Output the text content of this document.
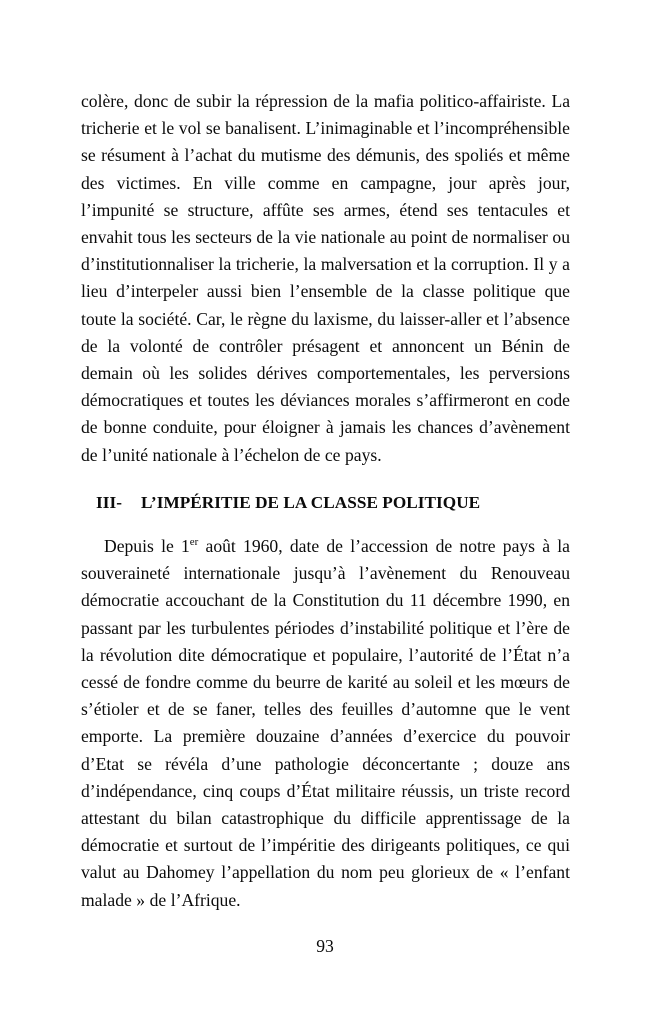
colère, donc de subir la répression de la mafia politico-affairiste. La tricherie et le vol se banalisent. L’inimaginable et l’incompréhensible se résument à l’achat du mutisme des démunis, des spoliés et même des victimes. En ville comme en campagne, jour après jour, l’impunité se structure, affûte ses armes, étend ses tentacules et envahit tous les secteurs de la vie nationale au point de normaliser ou d’institutionnaliser la tricherie, la malversation et la corruption. Il y a lieu d’interpeler aussi bien l’ensemble de la classe politique que toute la société. Car, le règne du laxisme, du laisser-aller et l’absence de la volonté de contrôler présagent et annoncent un Bénin de demain où les solides dérives comportementales, les perversions démocratiques et toutes les déviances morales s’affirmeront en code de bonne conduite, pour éloigner à jamais les chances d’avènement de l’unité nationale à l’échelon de ce pays.

III- L’IMPÉRITIE DE LA CLASSE POLITIQUE

Depuis le 1er août 1960, date de l’accession de notre pays à la souveraineté internationale jusqu’à l’avènement du Renouveau démocratie accouchant de la Constitution du 11 décembre 1990, en passant par les turbulentes périodes d’instabilité politique et l’ère de la révolution dite démocratique et populaire, l’autorité de l’État n’a cessé de fondre comme du beurre de karité au soleil et les mœurs de s’étioler et de se faner, telles des feuilles d’automne que le vent emporte. La première douzaine d’années d’exercice du pouvoir d’Etat se révéla d’une pathologie déconcertante ; douze ans d’indépendance, cinq coups d’État militaire réussis, un triste record attestant du bilan catastrophique du difficile apprentissage de la démocratie et surtout de l’impéritie des dirigeants politiques, ce qui valut au Dahomey l’appellation du nom peu glorieux de « l’enfant malade » de l’Afrique.

93
